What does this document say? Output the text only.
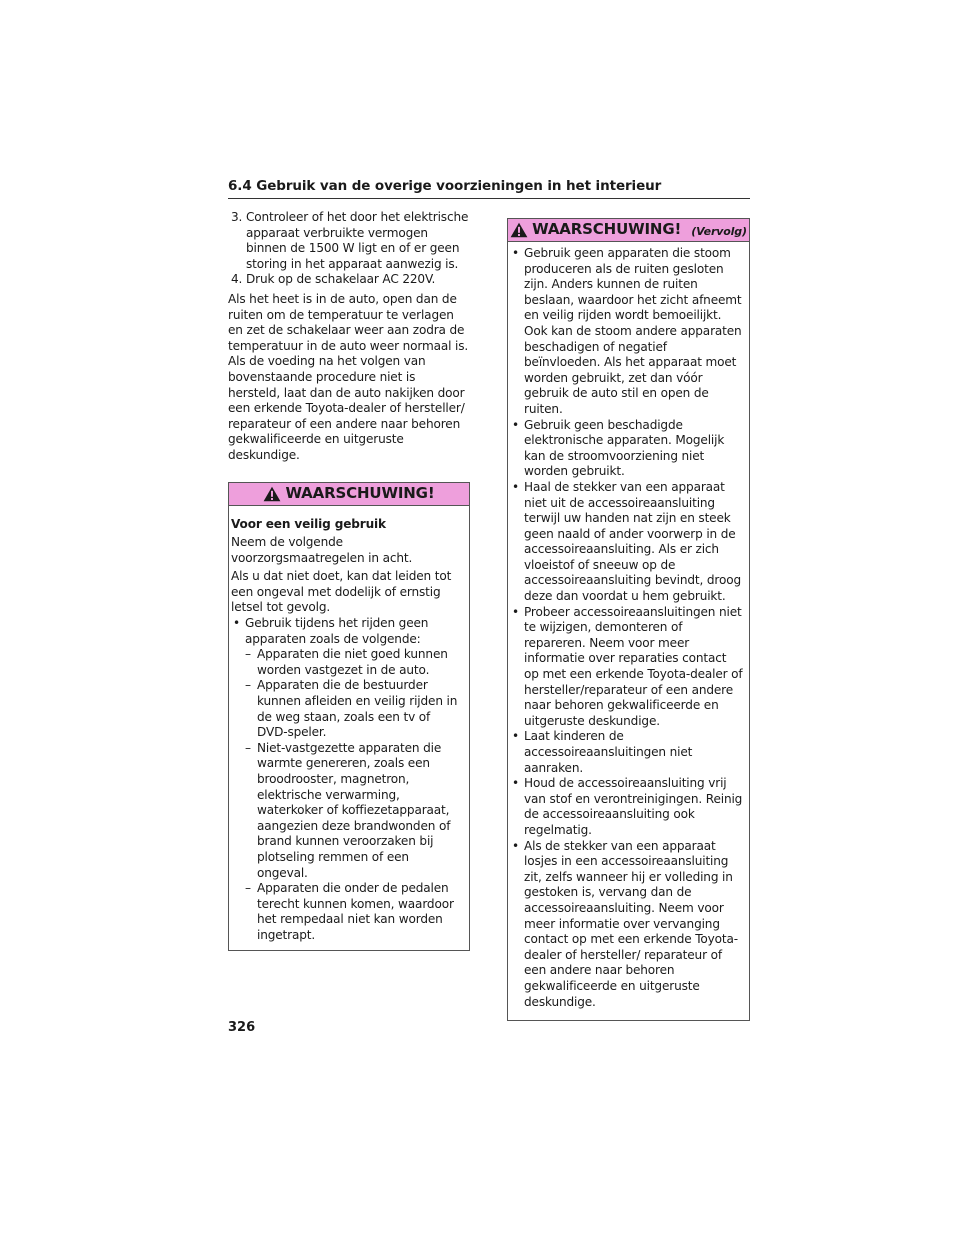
6.4 Gebruik van de overige voorzieningen in het interieur
3. Controleer of het door het elektrische apparaat verbruikte vermogen binnen de 1500 W ligt en of er geen storing in het apparaat aanwezig is.
4. Druk op de schakelaar AC 220V.

Als het heet is in de auto, open dan de ruiten om de temperatuur te verlagen en zet de schakelaar weer aan zodra de temperatuur in de auto weer normaal is. Als de voeding na het volgen van bovenstaande procedure niet is hersteld, laat dan de auto nakijken door een erkende Toyota-dealer of hersteller/ reparateur of een andere naar behoren gekwalificeerde en uitgeruste deskundige.

WAARSCHUWING!

Voor een veilig gebruik

Neem de volgende voorzorgsmaatregelen in acht.

Als u dat niet doet, kan dat leiden tot een ongeval met dodelijk of ernstig letsel tot gevolg.

• Gebruik tijdens het rijden geen apparaten zoals de volgende:
– Apparaten die niet goed kunnen worden vastgezet in de auto.
– Apparaten die de bestuurder kunnen afleiden en veilig rijden in de weg staan, zoals een tv of DVD-speler.
– Niet-vastgezette apparaten die warmte genereren, zoals een broodrooster, magnetron, elektrische verwarming, waterkoker of koffiezetapparaat, aangezien deze brandwonden of brand kunnen veroorzaken bij plotseling remmen of een ongeval.
– Apparaten die onder de pedalen terecht kunnen komen, waardoor het rempedaal niet kan worden ingetrapt.
WAARSCHUWING! (Vervolg)
• Gebruik geen apparaten die stoom produceren als de ruiten gesloten zijn. Anders kunnen de ruiten beslaan, waardoor het zicht afneemt en veilig rijden wordt bemoeilijkt. Ook kan de stoom andere apparaten beschadigen of negatief beïnvloeden. Als het apparaat moet worden gebruikt, zet dan vóór gebruik de auto stil en open de ruiten.
• Gebruik geen beschadigde elektronische apparaten. Mogelijk kan de stroomvoorziening niet worden gebruikt.
• Haal de stekker van een apparaat niet uit de accessoireaansluiting terwijl uw handen nat zijn en steek geen naald of ander voorwerp in de accessoireaansluiting. Als er zich vloeistof of sneeuw op de accessoireaansluiting bevindt, droog deze dan voordat u hem gebruikt.
• Probeer accessoireaansluitingen niet te wijzigen, demonteren of repareren. Neem voor meer informatie over reparaties contact op met een erkende Toyota-dealer of hersteller/reparateur of een andere naar behoren gekwalificeerde en uitgeruste deskundige.
• Laat kinderen de accessoireaansluitingen niet aanraken.
• Houd de accessoireaansluiting vrij van stof en verontreinigingen. Reinig de accessoireaansluiting ook regelmatig.
• Als de stekker van een apparaat losjes in een accessoireaansluiting zit, zelfs wanneer hij er volleding in gestoken is, vervang dan de accessoireaansluiting. Neem voor meer informatie over vervanging contact op met een erkende Toyota-dealer of hersteller/ reparateur of een andere naar behoren gekwalificeerde en uitgeruste deskundige.
326
